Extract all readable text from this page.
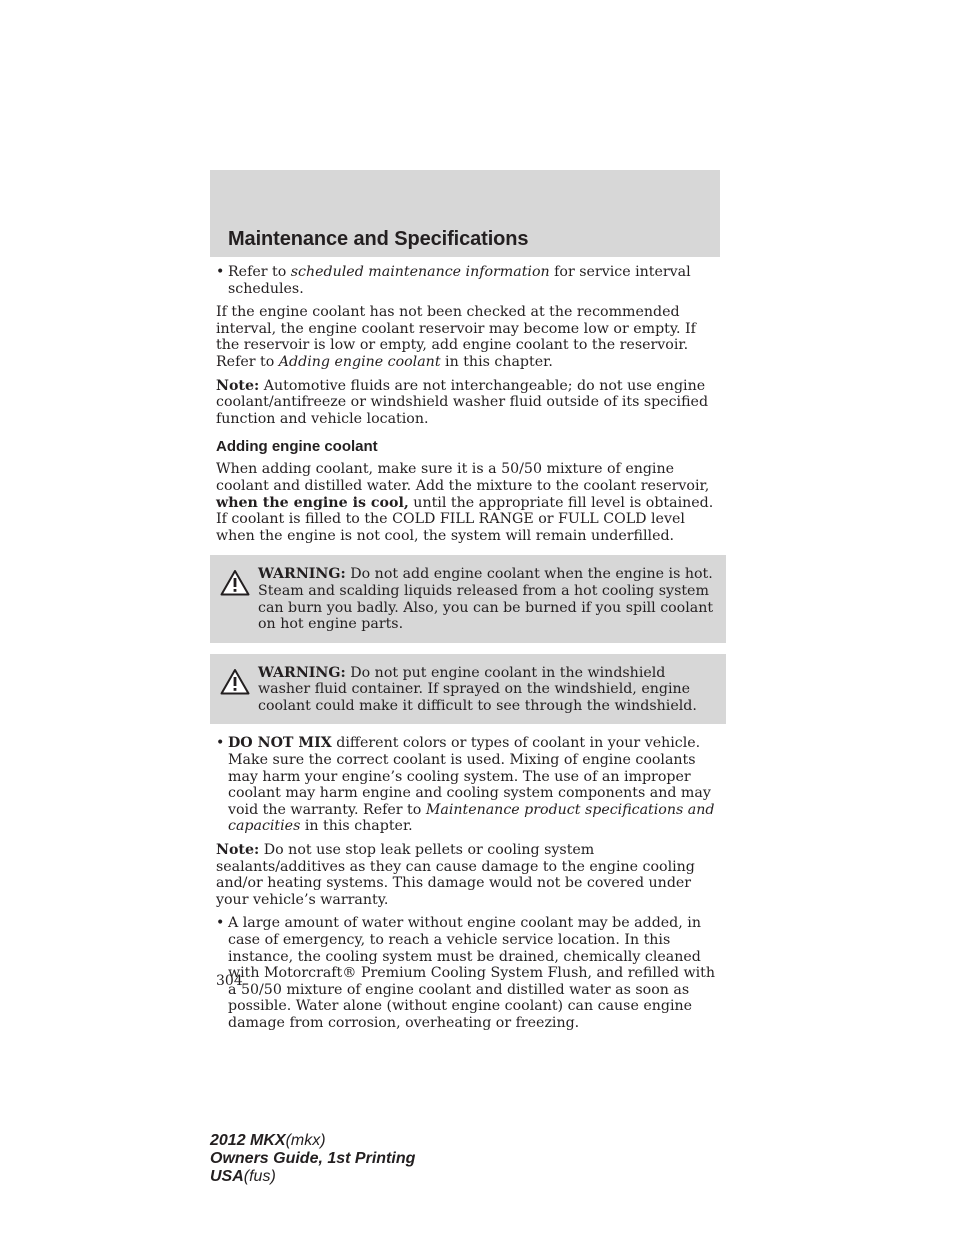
Maintenance and Specifications

• Refer to scheduled maintenance information for service interval schedules.

If the engine coolant has not been checked at the recommended interval, the engine coolant reservoir may become low or empty. If the reservoir is low or empty, add engine coolant to the reservoir. Refer to Adding engine coolant in this chapter.

Note: Automotive fluids are not interchangeable; do not use engine coolant/antifreeze or windshield washer fluid outside of its specified function and vehicle location.

Adding engine coolant

When adding coolant, make sure it is a 50/50 mixture of engine coolant and distilled water. Add the mixture to the coolant reservoir, when the engine is cool, until the appropriate fill level is obtained. If coolant is filled to the COLD FILL RANGE or FULL COLD level when the engine is not cool, the system will remain underfilled.

WARNING: Do not add engine coolant when the engine is hot. Steam and scalding liquids released from a hot cooling system can burn you badly. Also, you can be burned if you spill coolant on hot engine parts.
WARNING: Do not put engine coolant in the windshield washer fluid container. If sprayed on the windshield, engine coolant could make it difficult to see through the windshield.

• DO NOT MIX different colors or types of coolant in your vehicle. Make sure the correct coolant is used. Mixing of engine coolants may harm your engine’s cooling system. The use of an improper coolant may harm engine and cooling system components and may void the warranty. Refer to Maintenance product specifications and capacities in this chapter.

Note: Do not use stop leak pellets or cooling system sealants/additives as they can cause damage to the engine cooling and/or heating systems. This damage would not be covered under your vehicle’s warranty.

• A large amount of water without engine coolant may be added, in case of emergency, to reach a vehicle service location. In this instance, the cooling system must be drained, chemically cleaned with Motorcraft® Premium Cooling System Flush, and refilled with a 50/50 mixture of engine coolant and distilled water as soon as possible. Water alone (without engine coolant) can cause engine damage from corrosion, overheating or freezing.

304
2012 MKX(mkx)
Owners Guide, 1st Printing
USA(fus)
